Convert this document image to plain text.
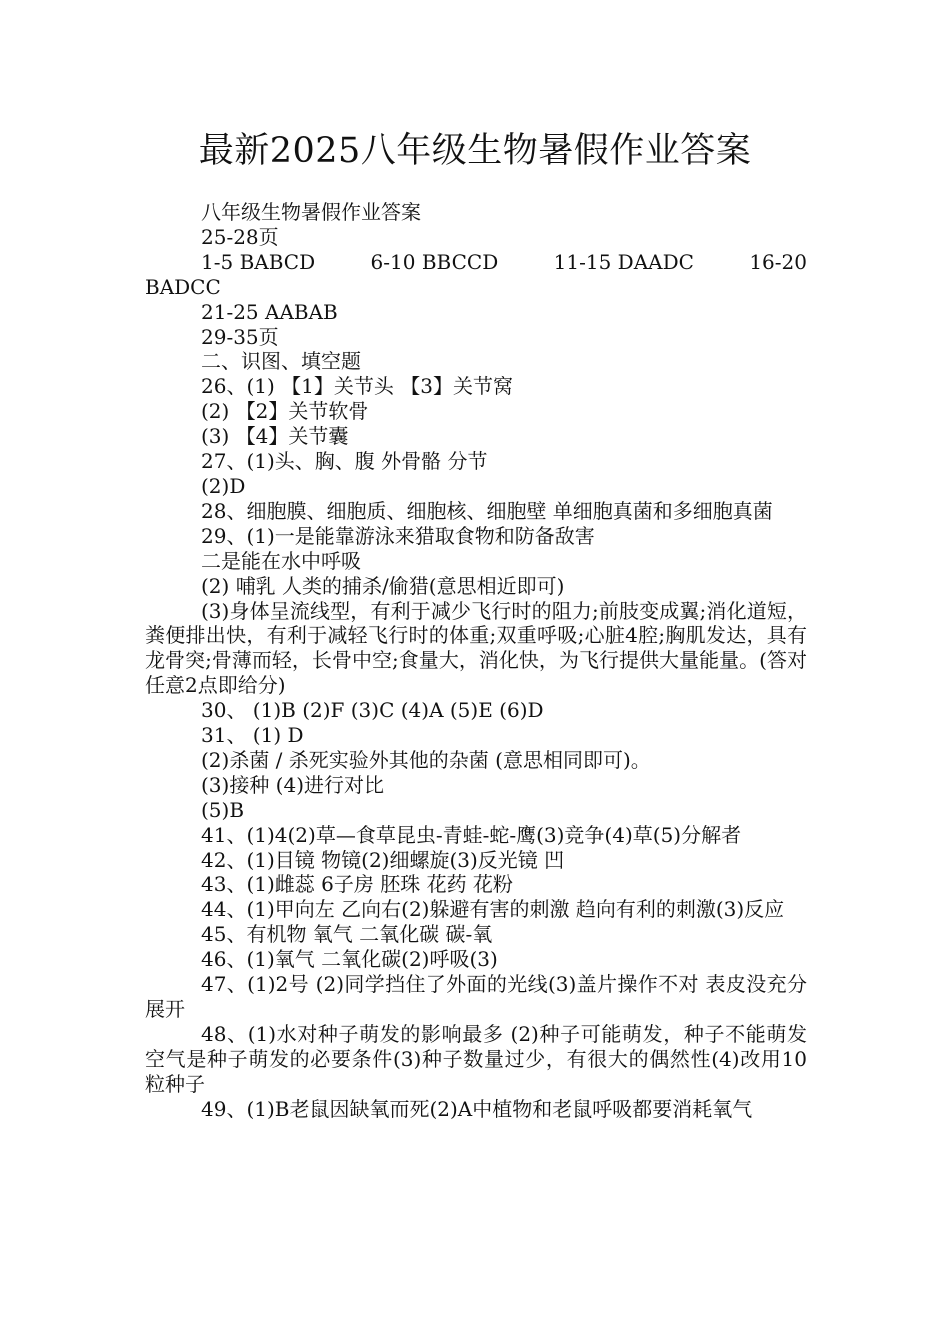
最新2025八年级生物暑假作业答案
八年级生物暑假作业答案
25-28页
1-5 BABCD	6-10 BBCCD	11-15 DAADC	16-20
BADCC
21-25 AABAB
29-35页
二、识图、填空题
26、(1) 【1】关节头 【3】关节窝
(2) 【2】关节软骨
(3) 【4】关节囊
27、(1)头、胸、腹 外骨骼 分节
(2)D
28、细胞膜、细胞质、细胞核、细胞壁 单细胞真菌和多细胞真菌
29、(1)一是能靠游泳来猎取食物和防备敌害
二是能在水中呼吸
(2) 哺乳 人类的捕杀/偷猎(意思相近即可)
(3)身体呈流线型，有利于减少飞行时的阻力;前肢变成翼;消化道短，粪便排出快，有利于减轻飞行时的体重;双重呼吸;心脏4腔;胸肌发达，具有龙骨突;骨薄而轻，长骨中空;食量大，消化快，为飞行提供大量能量。(答对任意2点即给分)
30、 (1)B (2)F (3)C (4)A (5)E (6)D
31、 (1) D
(2)杀菌 / 杀死实验外其他的杂菌 (意思相同即可)。
(3)接种 (4)进行对比
(5)B
41、(1)4(2)草—食草昆虫-青蛙-蛇-鹰(3)竞争(4)草(5)分解者
42、(1)目镜 物镜(2)细螺旋(3)反光镜 凹
43、(1)雌蕊 6子房 胚珠 花药 花粉
44、(1)甲向左 乙向右(2)躲避有害的刺激 趋向有利的刺激(3)反应
45、有机物 氧气 二氧化碳 碳-氧
46、(1)氧气 二氧化碳(2)呼吸(3)
47、(1)2号 (2)同学挡住了外面的光线(3)盖片操作不对 表皮没充分展开
48、(1)水对种子萌发的影响最多 (2)种子可能萌发，种子不能萌发 空气是种子萌发的必要条件(3)种子数量过少，有很大的偶然性(4)改用10粒种子
49、(1)B老鼠因缺氧而死(2)A中植物和老鼠呼吸都要消耗氧气
